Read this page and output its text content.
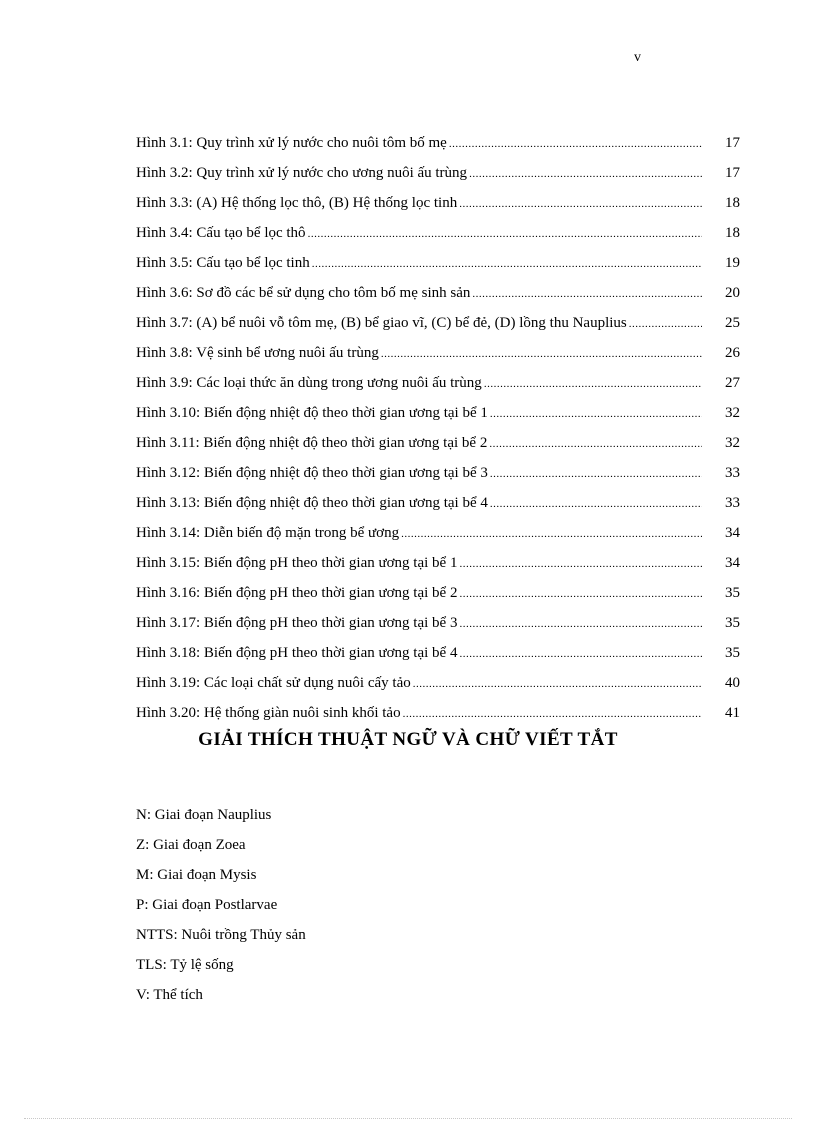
v
Hình 3.1: Quy trình xử lý nước cho nuôi tôm bố mẹ .....	17
Hình 3.2: Quy trình xử lý nước cho ương nuôi ấu trùng .....	17
Hình 3.3: (A) Hệ thống lọc thô, (B) Hệ thống lọc tinh .....	18
Hình 3.4: Cấu tạo bể lọc thô .....	18
Hình 3.5: Cấu tạo bể lọc tinh .....	19
Hình 3.6: Sơ đồ các bể sử dụng cho tôm bố mẹ sinh sản .....	20
Hình 3.7: (A) bể nuôi vỗ tôm mẹ, (B) bể giao vĩ, (C) bể đẻ, (D) lồng thu Nauplius .....	25
Hình 3.8: Vệ sinh bể ương nuôi ấu trùng .....	26
Hình 3.9: Các loại thức ăn dùng trong ương nuôi ấu trùng .....	27
Hình 3.10: Biến động nhiệt độ theo thời gian ương tại bể 1 .....	32
Hình 3.11: Biến động nhiệt độ theo thời gian ương tại bể 2 .....	32
Hình 3.12: Biến động nhiệt độ theo thời gian ương tại bể 3 .....	33
Hình 3.13: Biến động nhiệt độ theo thời gian ương tại bể 4 .....	33
Hình 3.14: Diễn biến độ mặn trong bể ương .....	34
Hình 3.15: Biến động pH theo thời gian ương tại bể 1 .....	34
Hình 3.16: Biến động pH theo thời gian ương tại bể 2 .....	35
Hình 3.17: Biến động pH theo thời gian ương tại bể 3 .....	35
Hình 3.18: Biến động pH theo thời gian ương tại bể 4 .....	35
Hình 3.19: Các loại chất sử dụng nuôi cấy tảo .....	40
Hình 3.20: Hệ thống giàn nuôi sinh khối tảo .....	41
GIẢI THÍCH THUẬT NGỮ VÀ CHỮ VIẾT TẮT
N: Giai đoạn Nauplius
Z: Giai đoạn Zoea
M: Giai đoạn Mysis
P: Giai đoạn Postlarvae
NTTS: Nuôi trồng Thủy sản
TLS: Tỷ lệ sống
V: Thể tích
